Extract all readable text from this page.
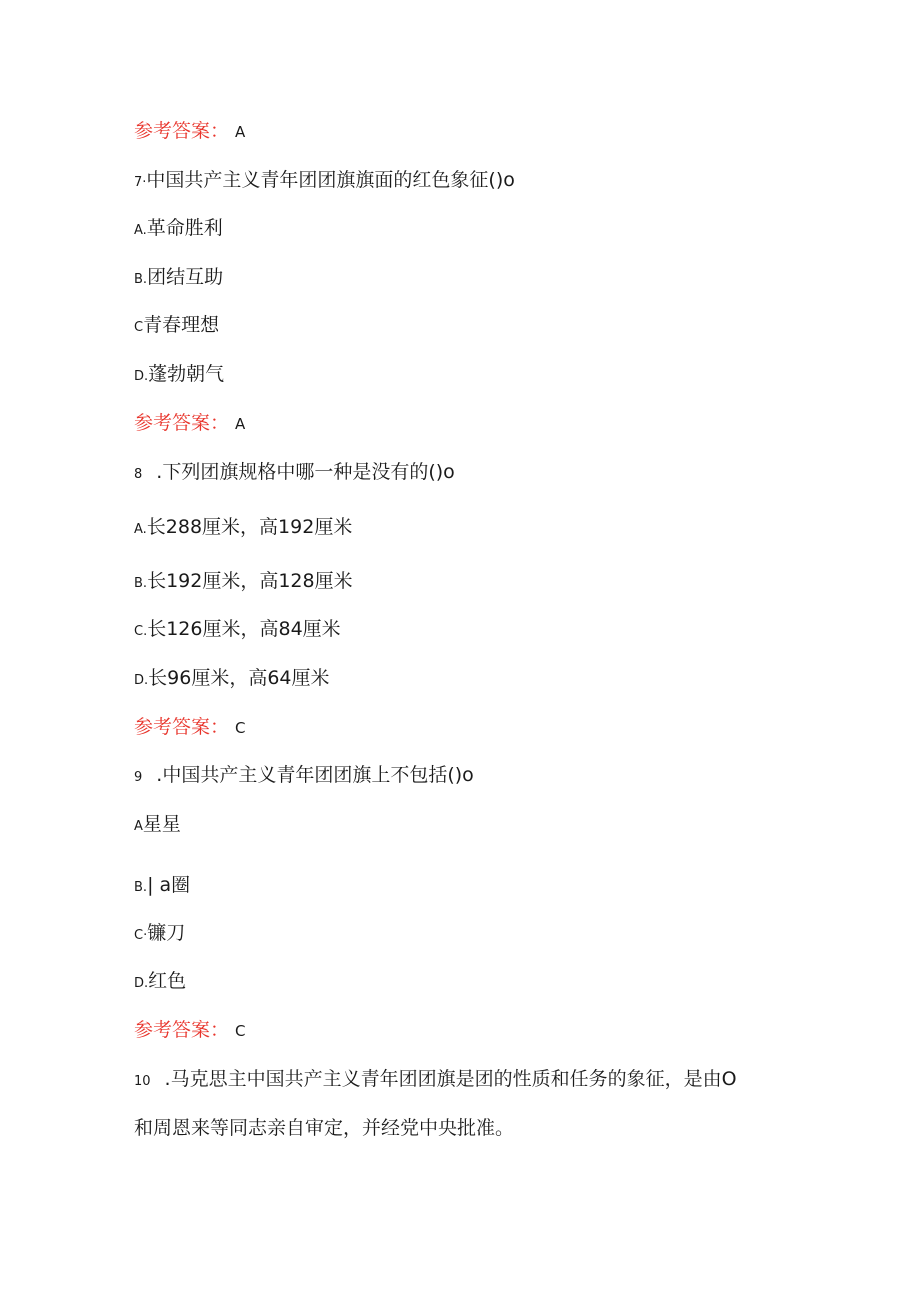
参考答案： A
7·中国共产主义青年团团旗旗面的红色象征()o
A.革命胜利
B.团结互助
C青春理想
D.蓬勃朝气
参考答案： A
8 .下列团旗规格中哪一种是没有的()o
A.长288厘米，高192厘米
B.长192厘米，高128厘米
C.长126厘米，高84厘米
D.长96厘米，高64厘米
参考答案： C
9 .中国共产主义青年团团旗上不包括()o
A星星
B.| a圈
C·镰刀
D.红色
参考答案： C
10 .马克思主中国共产主义青年团团旗是团的性质和任务的象征，是由O
和周恩来等同志亲自审定，并经党中央批准。
